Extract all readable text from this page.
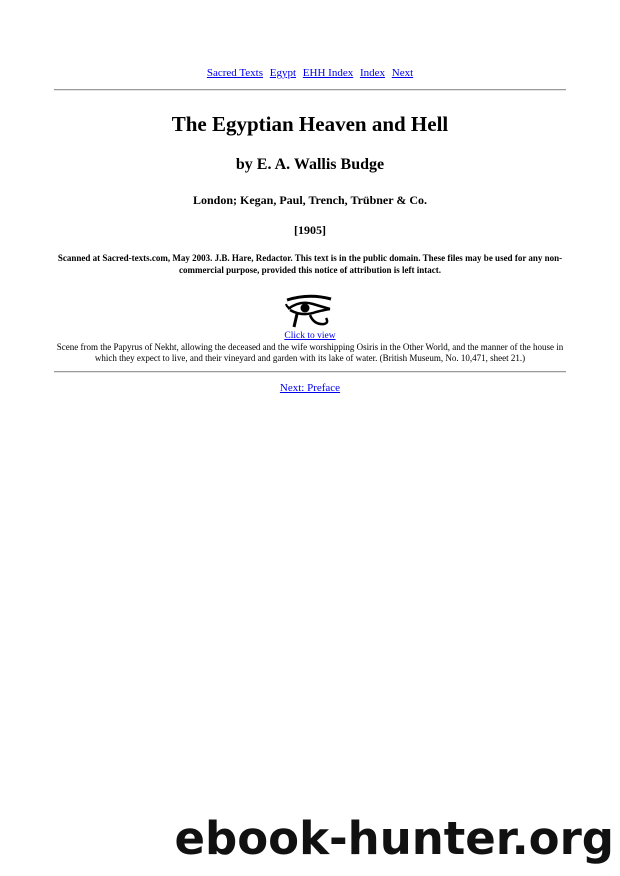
Sacred Texts Egypt EHH Index Index Next
The Egyptian Heaven and Hell
by E. A. Wallis Budge
London; Kegan, Paul, Trench, Trübner & Co.
[1905]
Scanned at Sacred-texts.com, May 2003. J.B. Hare, Redactor. This text is in the public domain. These files may be used for any non-commercial purpose, provided this notice of attribution is left intact.
Click to view
Scene from the Papyrus of Nekht, allowing the deceased and the wife worshipping Osiris in the Other World, and the manner of the house in which they expect to live, and their vineyard and garden with its lake of water. (British Museum, No. 10,471, sheet 21.)
Next: Preface
ebook-hunter.org
